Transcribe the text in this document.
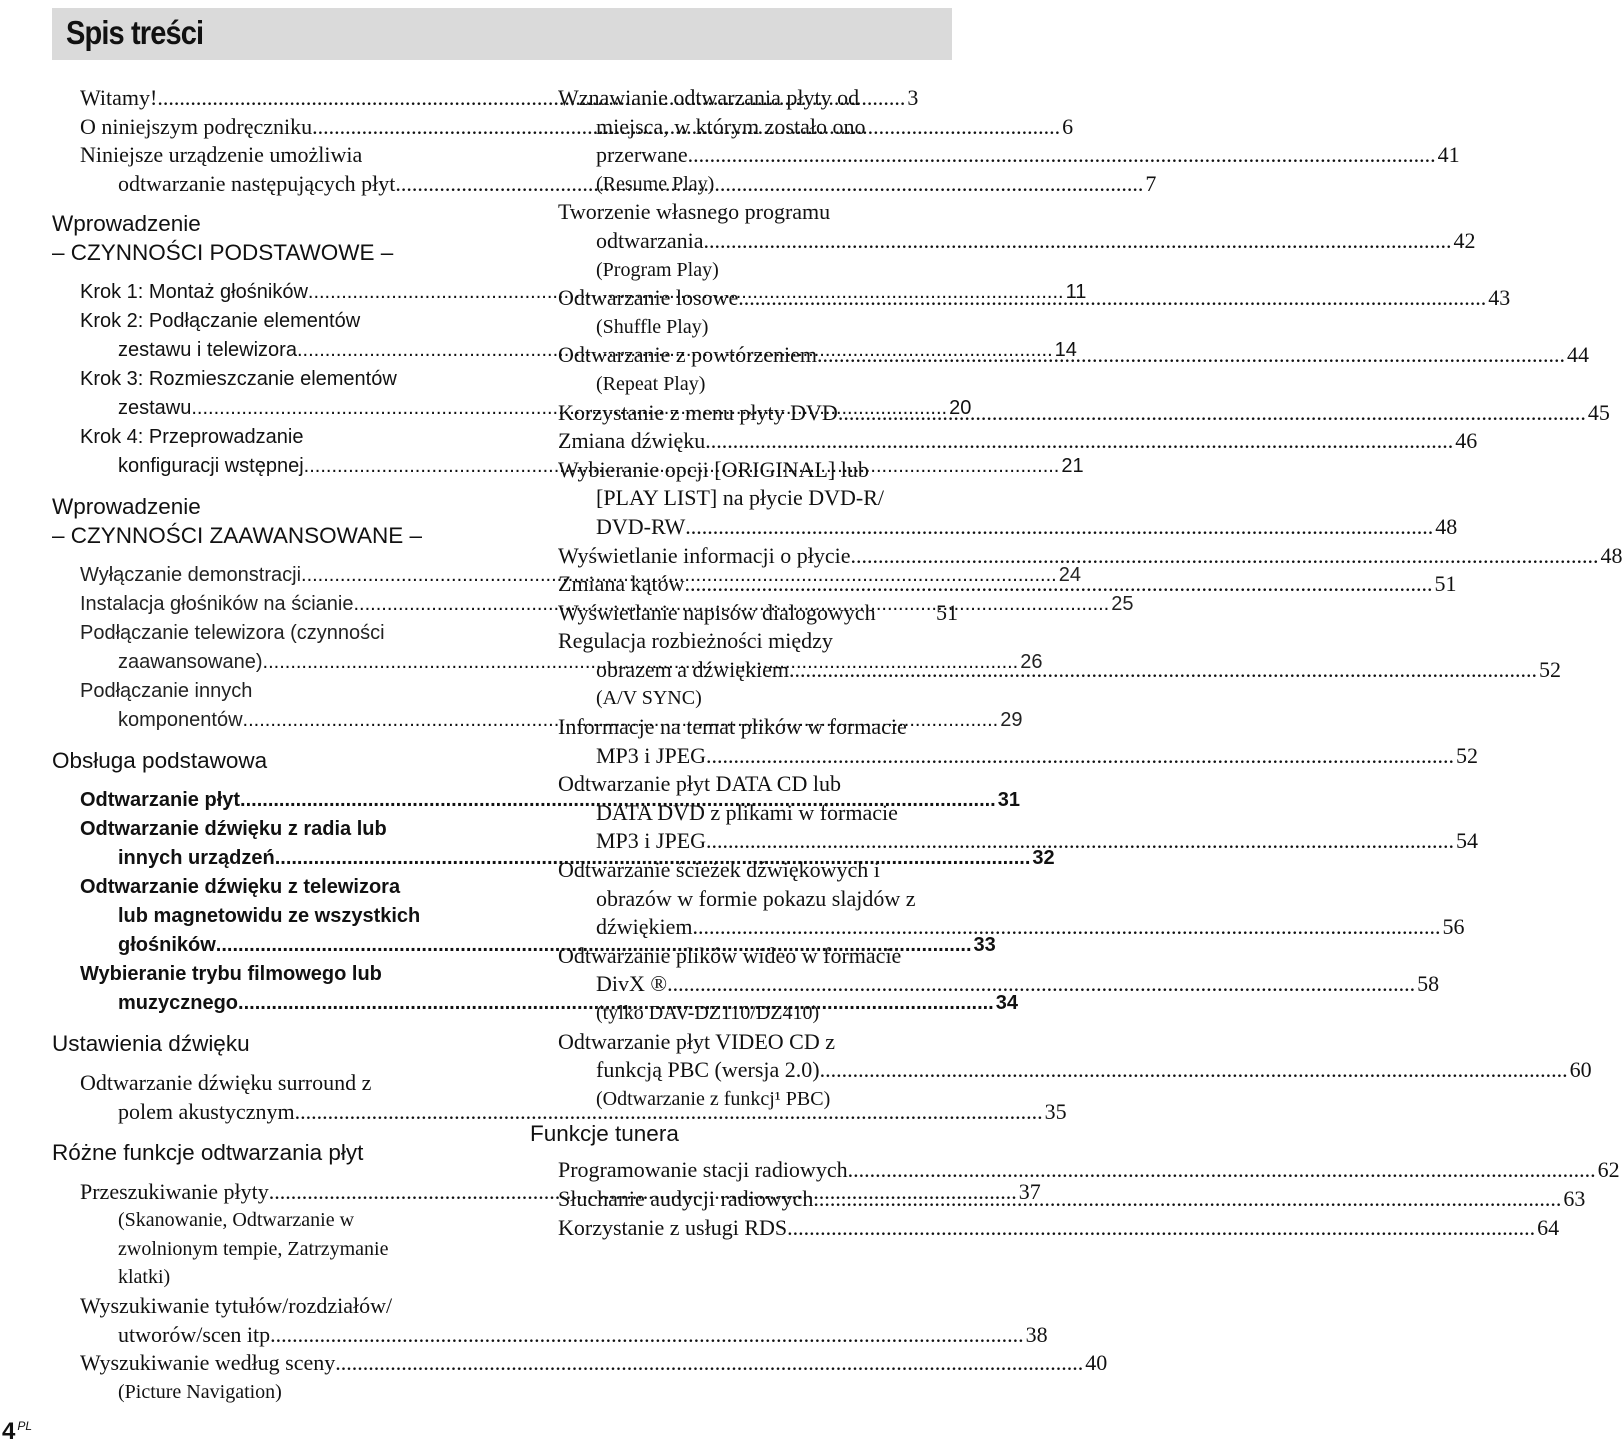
Spis treści
Witamy! .....	3
O niniejszym podręczniku .....	6
Niniejsze urządzenie umożliwia
odtwarzanie następujących płyt .....	7
Wprowadzenie
– CZYNNOŚCI PODSTAWOWE –
Krok 1: Montaż głośników .....	11
Krok 2: Podłączanie elementów
zestawu i telewizora .....	14
Krok 3: Rozmieszczanie elementów
zestawu .....	20
Krok 4: Przeprowadzanie
konfiguracji wstępnej .....	21
Wprowadzenie
– CZYNNOŚCI ZAAWANSOWANE –
Wyłączanie demonstracji .....	24
Instalacja głośników na ścianie .....	25
Podłączanie telewizora (czynności
zaawansowane) .....	26
Podłączanie innych
komponentów .....	29
Obsługa podstawowa
Odtwarzanie płyt .....	31
Odtwarzanie dźwięku z radia lub
innych urządzeń .....	32
Odtwarzanie dźwięku z telewizora
lub magnetowidu ze wszystkich
głośników .....	33
Wybieranie trybu filmowego lub
muzycznego .....	34
Ustawienia dźwięku
Odtwarzanie dźwięku surround z
polem akustycznym .....	35
Różne funkcje odtwarzania płyt
Przeszukiwanie płyty .....	37
(Skanowanie, Odtwarzanie w
zwolnionym tempie, Zatrzymanie
klatki)
Wyszukiwanie tytułów/rozdziałów/
utworów/scen itp. .....	38
Wyszukiwanie według sceny .....	40
(Picture Navigation)
Wznawianie odtwarzania płyty od
miejsca, w którym zostało ono
przerwane .....	41
(Resume Play)
Tworzenie własnego programu
odtwarzania .....	42
(Program Play)
Odtwarzanie losowe .....	43
(Shuffle Play)
Odtwarzanie z powtórzeniem .....	44
(Repeat Play)
Korzystanie z menu płyty DVD .....	45
Zmiana dźwięku .....	46
Wybieranie opcji [ORIGINAL] lub
[PLAY LIST] na płycie DVD-R/
DVD-RW .....	48
Wyświetlanie informacji o płycie .....	48
Zmiana kątów .....	51
Wyświetlanie napisów dialogowych	51
Regulacja rozbieżności między
obrazem a dźwiękiem .....	52
(A/V SYNC)
Informacje na temat plików w formacie
MP3 i JPEG .....	52
Odtwarzanie płyt DATA CD lub
DATA DVD z plikami w formacie
MP3 i JPEG .....	54
Odtwarzanie ścieżek dźwiękowych i
obrazów w formie pokazu slajdów z
dźwiękiem .....	56
Odtwarzanie plików wideo w formacie
DivX ® .....	58
(tylko DAV-DZ110/DZ410)
Odtwarzanie płyt VIDEO CD z
funkcją PBC (wersja 2.0) .....	60
(Odtwarzanie z funkcj¹ PBC)
Funkcje tunera
Programowanie stacji radiowych .....	62
Słuchanie audycji radiowych .....	63
Korzystanie z usługi RDS .....	64
4 $^{PL}$
